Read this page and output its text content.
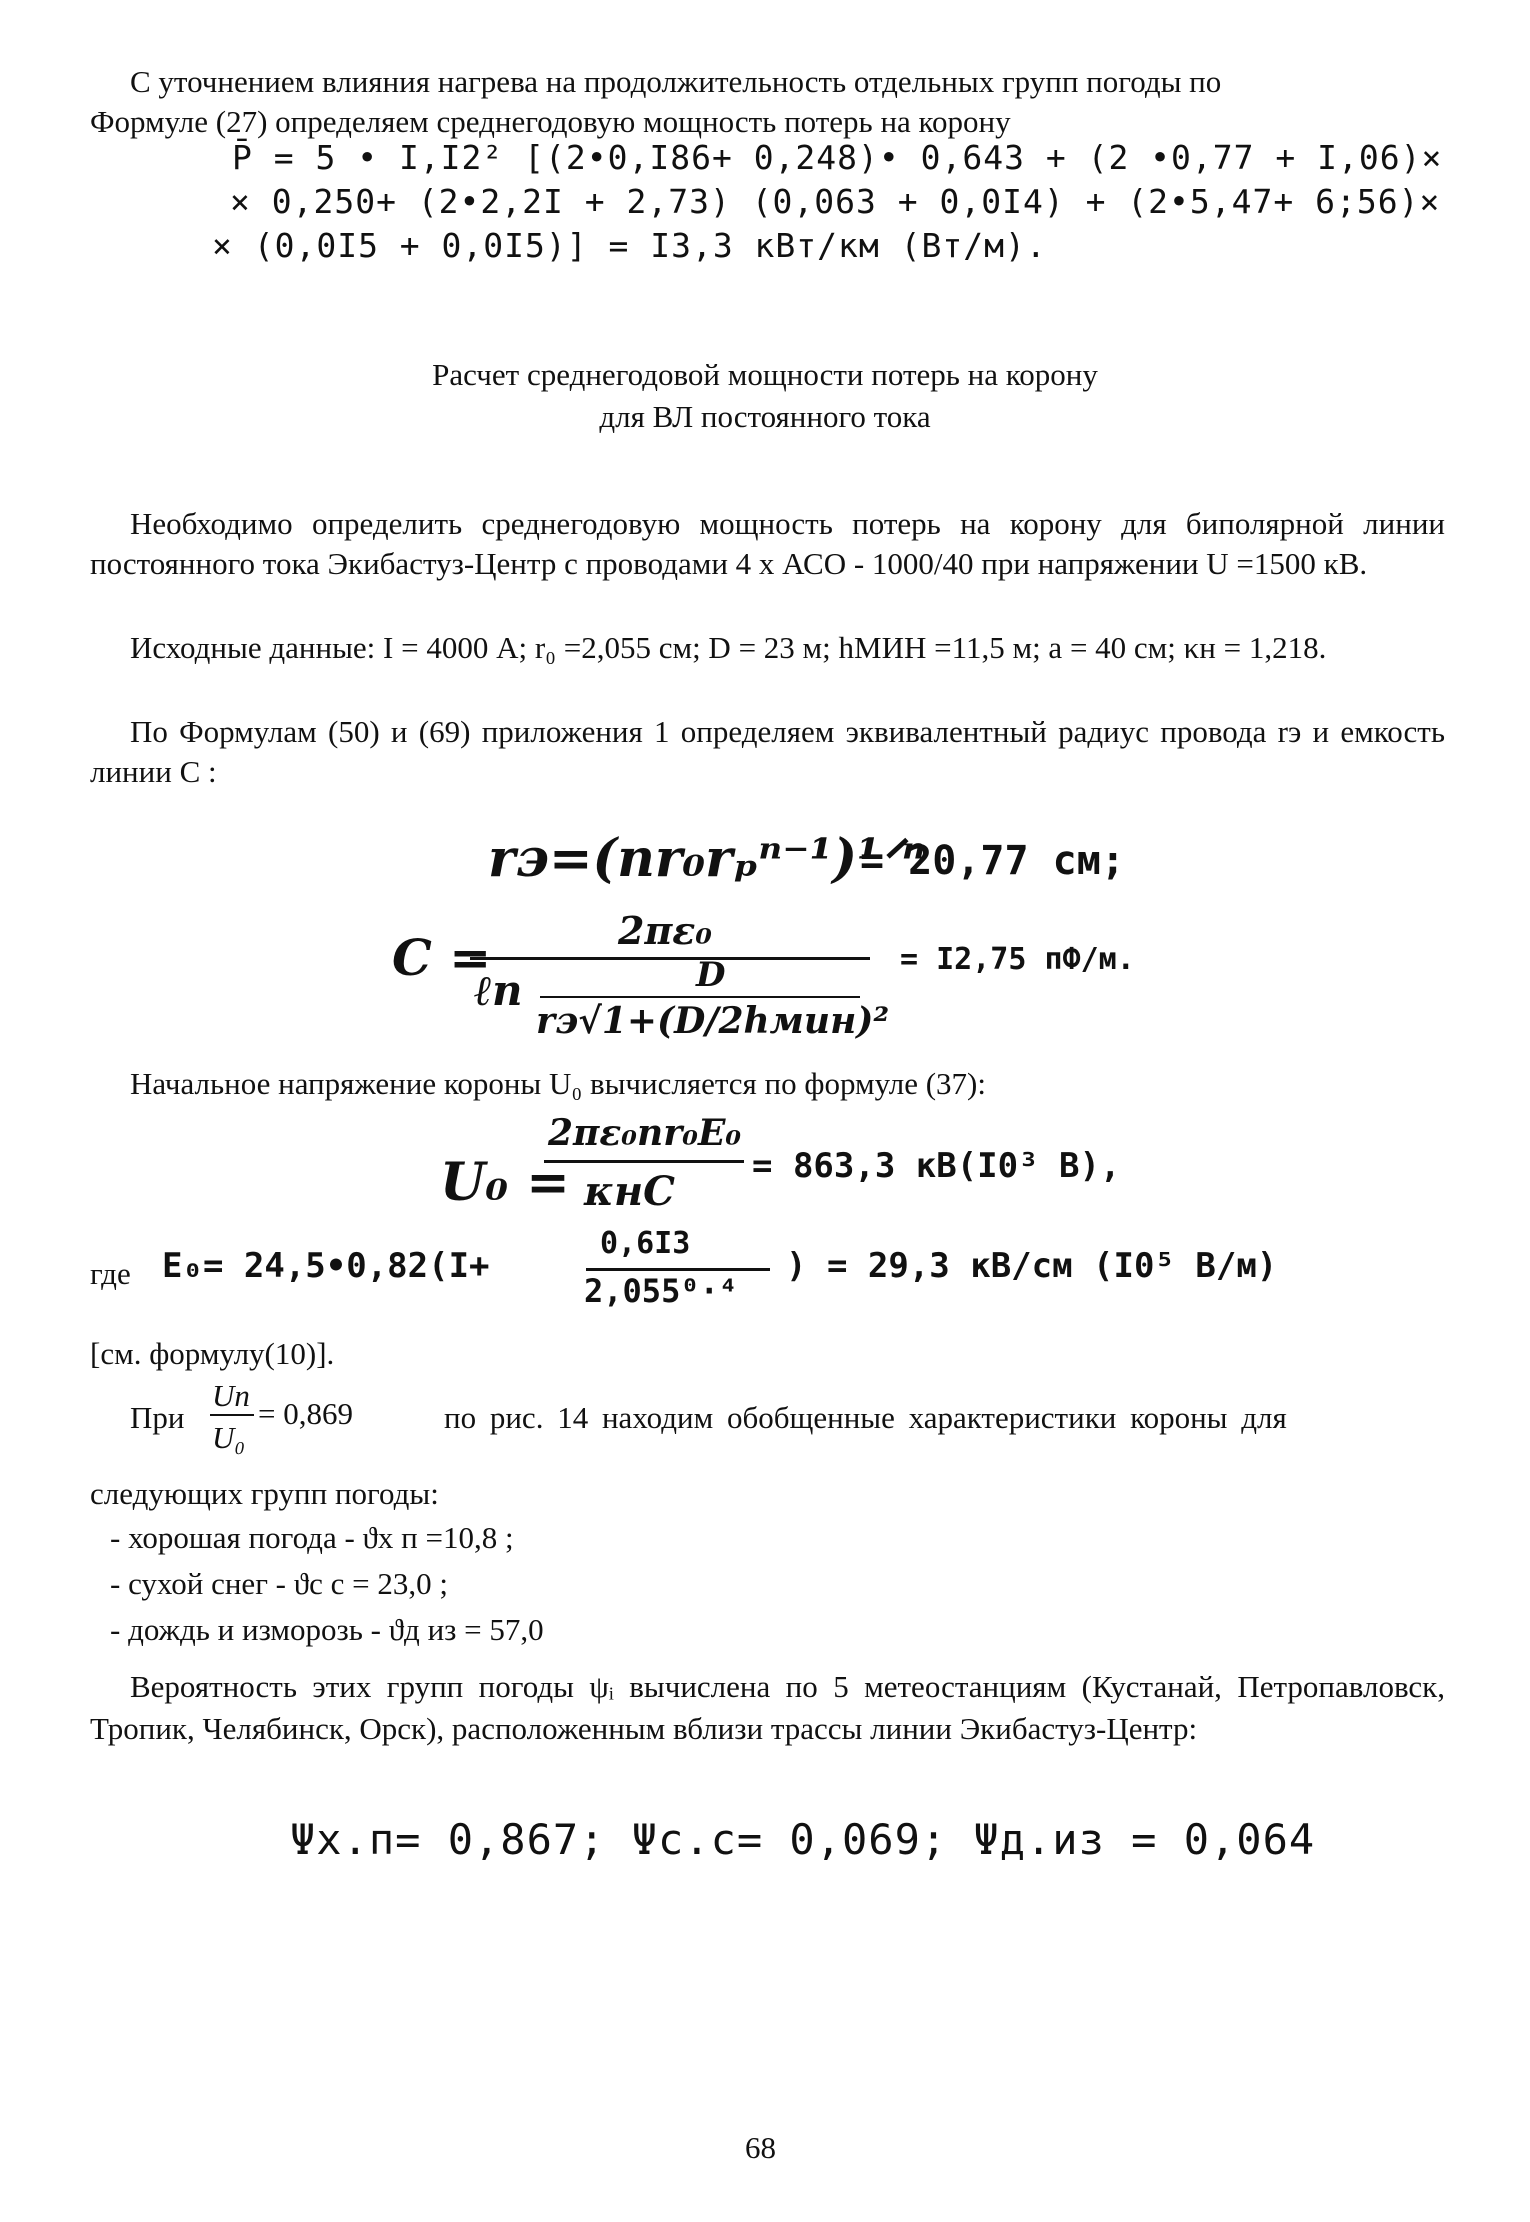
С уточнением влияния нагрева на продолжительность отдельных групп погоды по
Формуле (27) определяем среднегодовую мощность потерь на корону
P̄ = 5 • I,I2² [(2•0,I86+ 0,248)• 0,643 + (2 •0,77 + I,06)×
× 0,250+ (2•2,2I + 2,73) (0,063 + 0,0I4) + (2•5,47+ 6;56)×
× (0,0I5 + 0,0I5)] = I3,3 кВт/км (Вт/м).
Расчет среднегодовой мощности потерь на корону
для ВЛ постоянного тока
Необходимо определить среднегодовую мощность потерь на корону для биполярной линии постоянного тока Экибастуз-Центр с проводами 4 х АСО - 1000/40 при напряжении U =1500 кВ.
Исходные данные: I = 4000 А; r₀ =2,055 см; D = 23 м; hМИН =11,5 м; a = 40 см; κн = 1,218.
По Формулам (50) и (69) приложения 1 определяем эквивалентный радиус провода rэ и емкость линии C :
rэ=(nr₀rₚⁿ⁻¹)¹ᐟⁿ
= 20,77 см;
C =	2πε₀
ℓn	D
rэ√1+(D/2hмин)²
= I2,75 пФ/м.
Начальное напряжение короны U₀ вычисляется по формуле (37):
U₀ =
2πε₀nr₀E₀
κнC
= 863,3 кВ(I0³ В),
где E₀= 24,5•0,82(I+
0,6I3
2,055⁰·⁴
) = 29,3 кВ/см (I0⁵ В/м)
[см. формулу(10)].
При
Uп
U₀
= 0,869	по рис. 14 находим обобщенные характеристики короны для
следующих групп погоды:
- хорошая погода - ϑх п =10,8 ;
- сухой снег - ϑс с = 23,0 ;
- дождь и изморозь - ϑд из = 57,0
Вероятность этих групп погоды ψᵢ вычислена по 5 метеостанциям (Кустанай, Петропавловск, Тропик, Челябинск, Орск), расположенным вблизи трассы линии Экибастуз-Центр:
Ψх.п= 0,867; Ψс.с= 0,069; Ψд.из = 0,064
68
